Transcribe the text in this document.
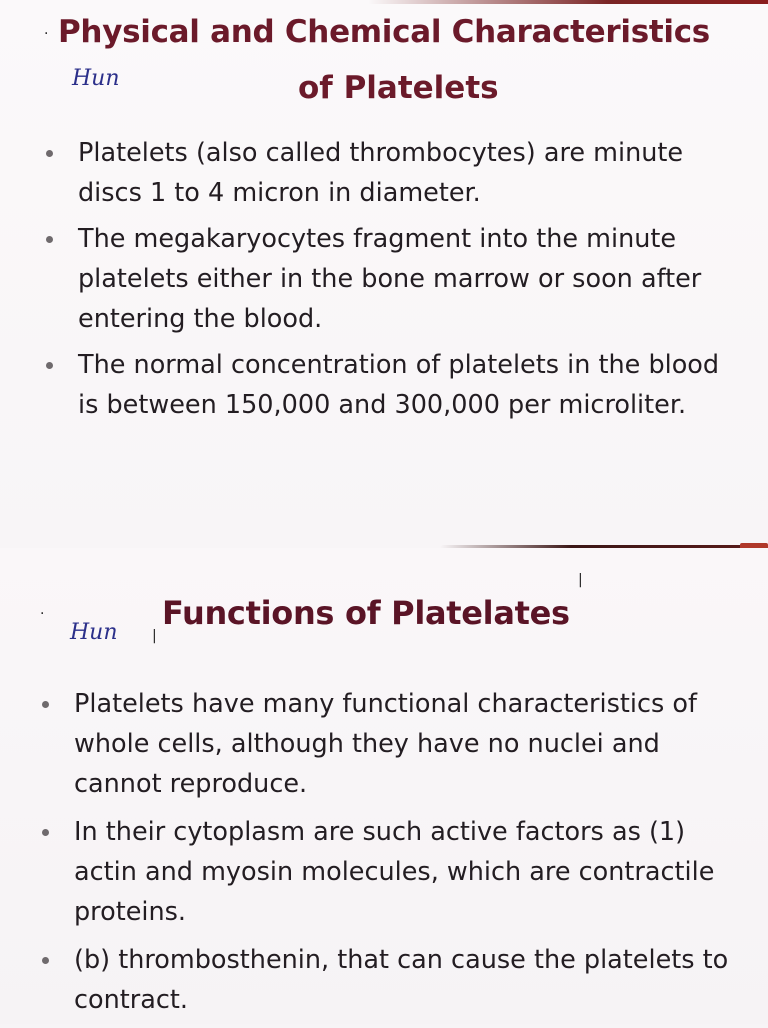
. Physical and Chemical Characteristics
of Platelets
Hun
Platelets (also called thrombocytes) are minute discs 1 to 4 micron in diameter.
The megakaryocytes fragment into the minute platelets either in the bone marrow or soon after entering the blood.
The normal concentration of platelets in the blood is between 150,000 and 300,000 per microliter.
.
|
|
Functions of Platelates
Hun
Platelets have many functional characteristics of whole cells, although they have no nuclei and cannot reproduce.
In their cytoplasm are such active factors as (1) actin and myosin molecules, which are contractile proteins.
(b) thrombosthenin, that can cause the platelets to contract.
